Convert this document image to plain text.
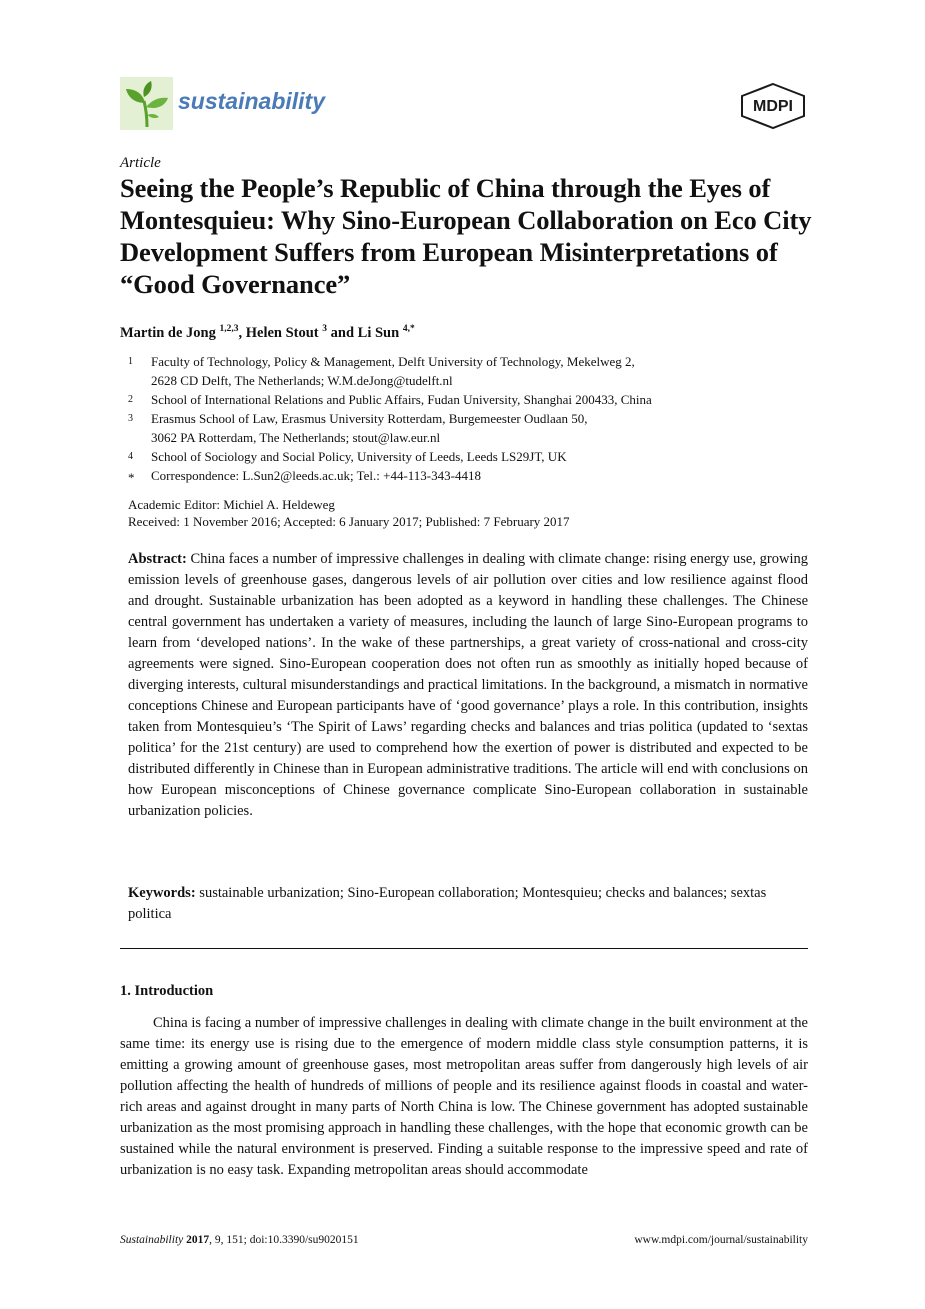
sustainability	MDPI
Article
Seeing the People’s Republic of China through the Eyes of Montesquieu: Why Sino-European Collaboration on Eco City Development Suffers from European Misinterpretations of “Good Governance”
Martin de Jong $^{1,2,3}$, Helen Stout $^3$ and Li Sun $^{4,*}$
1	Faculty of Technology, Policy & Management, Delft University of Technology, Mekelweg 2,
2628 CD Delft, The Netherlands; W.M.deJong@tudelft.nl
2	School of International Relations and Public Affairs, Fudan University, Shanghai 200433, China
3	Erasmus School of Law, Erasmus University Rotterdam, Burgemeester Oudlaan 50,
3062 PA Rotterdam, The Netherlands; stout@law.eur.nl
4	School of Sociology and Social Policy, University of Leeds, Leeds LS29JT, UK
*	Correspondence: L.Sun2@leeds.ac.uk; Tel.: +44-113-343-4418
Academic Editor: Michiel A. Heldeweg
Received: 1 November 2016; Accepted: 6 January 2017; Published: 7 February 2017
Abstract: China faces a number of impressive challenges in dealing with climate change: rising energy use, growing emission levels of greenhouse gases, dangerous levels of air pollution over cities and low resilience against flood and drought. Sustainable urbanization has been adopted as a keyword in handling these challenges. The Chinese central government has undertaken a variety of measures, including the launch of large Sino-European programs to learn from ‘developed nations’. In the wake of these partnerships, a great variety of cross-national and cross-city agreements were signed. Sino-European cooperation does not often run as smoothly as initially hoped because of diverging interests, cultural misunderstandings and practical limitations. In the background, a mismatch in normative conceptions Chinese and European participants have of ‘good governance’ plays a role. In this contribution, insights taken from Montesquieu’s ‘The Spirit of Laws’ regarding checks and balances and trias politica (updated to ‘sextas politica’ for the 21st century) are used to comprehend how the exertion of power is distributed and expected to be distributed differently in Chinese than in European administrative traditions. The article will end with conclusions on how European misconceptions of Chinese governance complicate Sino-European collaboration in sustainable urbanization policies.
Keywords: sustainable urbanization; Sino-European collaboration; Montesquieu; checks and balances; sextas politica
1. Introduction
China is facing a number of impressive challenges in dealing with climate change in the built environment at the same time: its energy use is rising due to the emergence of modern middle class style consumption patterns, it is emitting a growing amount of greenhouse gases, most metropolitan areas suffer from dangerously high levels of air pollution affecting the health of hundreds of millions of people and its resilience against floods in coastal and water-rich areas and against drought in many parts of North China is low. The Chinese government has adopted sustainable urbanization as the most promising approach in handling these challenges, with the hope that economic growth can be sustained while the natural environment is preserved. Finding a suitable response to the impressive speed and rate of urbanization is no easy task. Expanding metropolitan areas should accommodate
Sustainability 2017, 9, 151; doi:10.3390/su9020151	www.mdpi.com/journal/sustainability
